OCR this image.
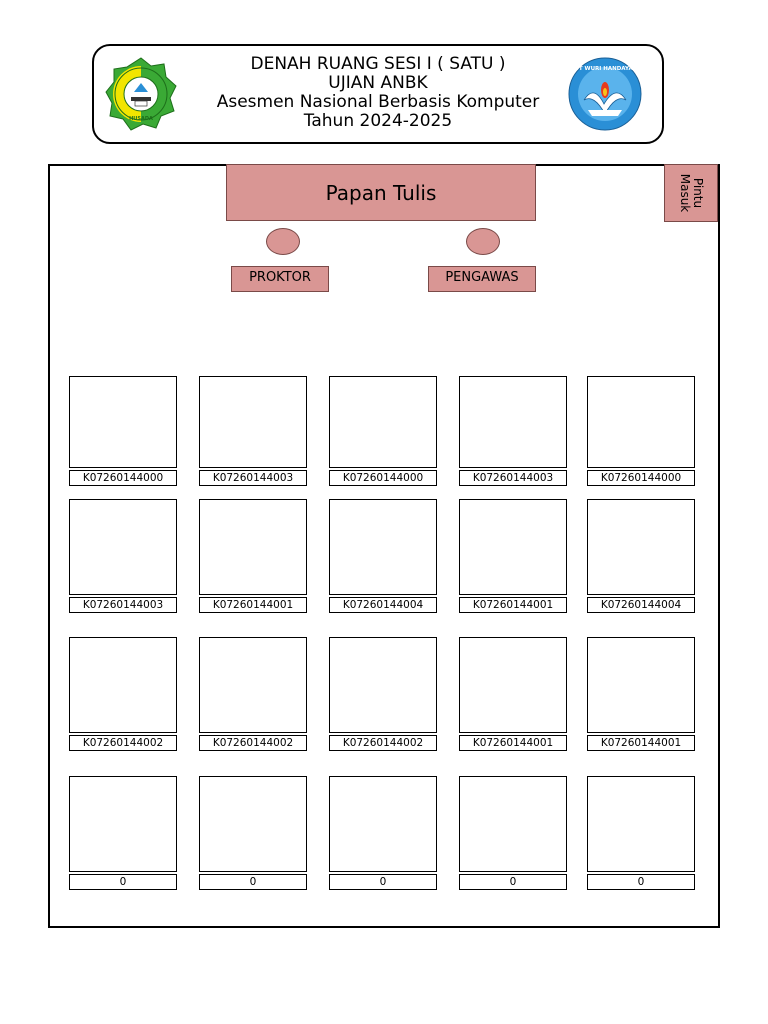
HUSADA
TUT WURI HANDAYANI
DENAH RUANG SESI I ( SATU )
UJIAN ANBK
Asesmen Nasional Berbasis Komputer
Tahun 2024-2025
Papan Tulis	Pintu
Masuk
PROKTOR	PENGAWAS
K07260144000	K07260144003	K07260144000	K07260144003	K07260144000
K07260144003	K07260144001	K07260144004	K07260144001	K07260144004
K07260144002	K07260144002	K07260144002	K07260144001	K07260144001
0	0	0	0	0
